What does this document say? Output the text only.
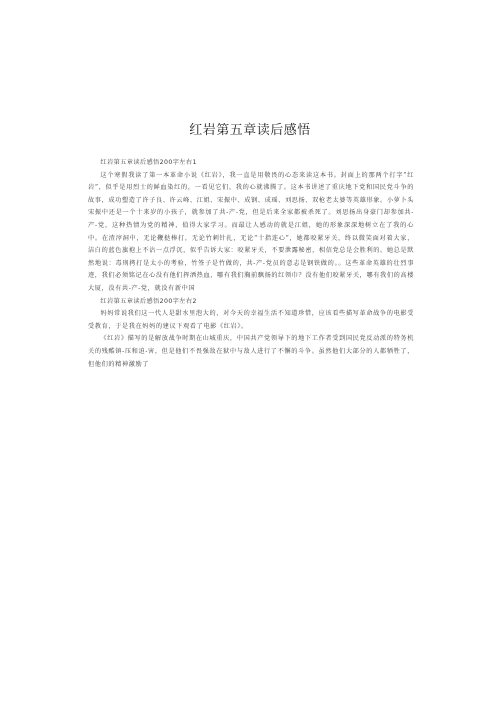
红岩第五章读后感悟

红岩第五章读后感悟200字左右1

这个寒假我读了第一本革命小说《红岩》，我一直是用敬畏的心态来读这本书。封面上的那两个打字“红岩”，似乎是用烈士的鲜血染红的，一看见它们，我的心就沸腾了。这本书讲述了重庆地下党和国民党斗争的故事，成功塑造了许子良、许云峰、江姐、宋振中、成钢、成瑶、刘思扬、双枪老太婆等英雄形象。小萝卜头宋振中还是一个十来岁的小孩子，就参加了共-产-党，但是后来全家都被杀死了。刘思扬出身豪门却参加共-产-党，这种热情为党的精神，值得大家学习。而最让人感动的就是江姐，她的形象深深地树立在了我的心中。在渣滓洞中，无论鞭挞棒打，无论竹刺针扎，无论“十指连心”，她都咬紧牙关，终以微笑面对着大家，洁白的蓝色旗袍上不沾一点浮沉，似乎告诉大家：咬紧牙关，不要泄露秘密，相信党总是会胜利的。她总是默然地说：毒刑拷打是太小的考验，竹签子是竹做的，共-产-党员的意志是钢铁做的。。这些革命英雄的壮烈事迹，我们必须铭记在心没有他们挥洒热血，哪有我们胸前飘扬的红领巾？没有他们咬紧牙关，哪有我们的高楼大厦，没有共-产-党，就没有新中国

红岩第五章读后感悟200字左右2

妈妈常说我们这一代人是甜水里泡大的，对今天的幸福生活不知道珍惜，应该看些描写革命战争的电影受受教育，于是我在妈妈的建议下观看了电影《红岩》。

《红岩》描写的是解放战争时期在山城重庆，中国共产党领导下的地下工作者受到国民党反动派的特务机关的残酷镇-压和迫-害，但是他们不畏强敌在狱中与敌人进行了不懈的斗争。虽然他们大部分的人都牺牲了，但他们的精神激励了
